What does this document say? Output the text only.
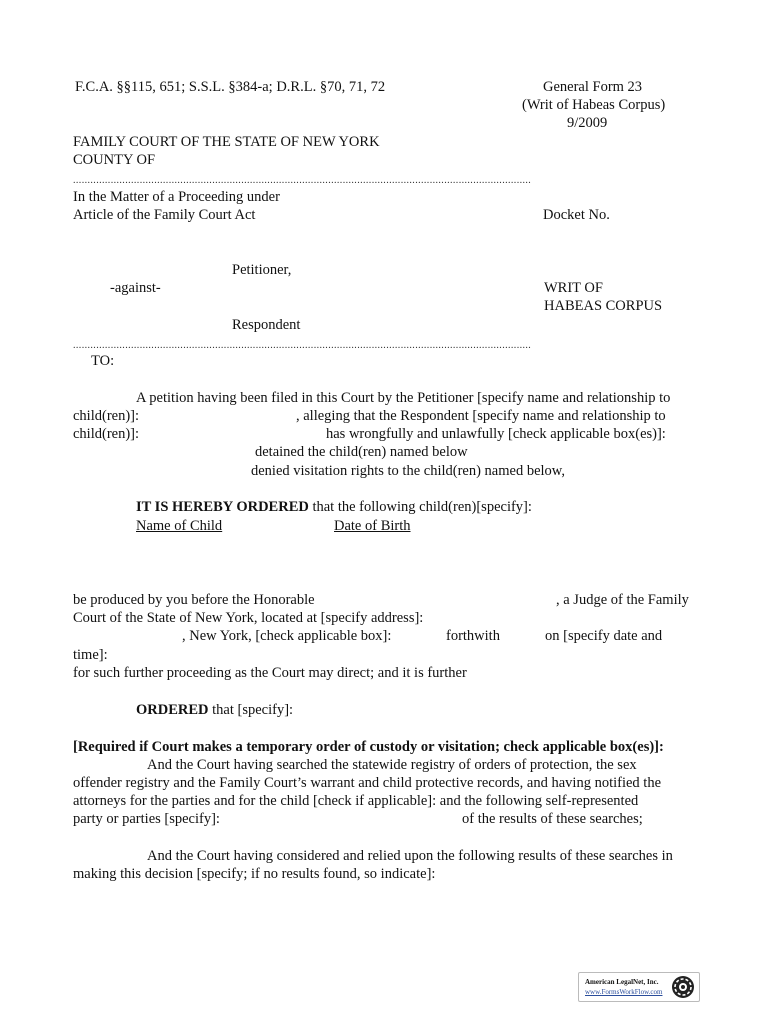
F.C.A. §§115, 651; S.S.L. §384-a; D.R.L. §70, 71, 72	General Form 23
(Writ of Habeas Corpus)
9/2009
FAMILY COURT OF THE STATE OF NEW YORK
COUNTY OF
..............................................................................................................................................................
In the Matter of a Proceeding under
Article of the Family Court Act	Docket No.
Petitioner,
-against-	WRIT OF
HABEAS CORPUS
Respondent
..............................................................................................................................................................
TO:
A petition having been filed in this Court by the Petitioner [specify name and relationship to
child(ren)]:	, alleging that the Respondent [specify name and relationship to
child(ren)]:	has wrongfully and unlawfully [check applicable box(es)]:
detained the child(ren) named below
denied visitation rights to the child(ren) named below,
IT IS HEREBY ORDERED that the following child(ren)[specify]:
Name of Child	Date of Birth
be produced by you before the Honorable	, a Judge of the Family
Court of the State of New York, located at [specify address]:
, New York, [check applicable box]:	forthwith	on [specify date and
time]:
for such further proceeding as the Court may direct; and it is further
ORDERED that [specify]:
[Required if Court makes a temporary order of custody or visitation; check applicable box(es)]:
And the Court having searched the statewide registry of orders of protection, the sex
offender registry and the Family Court’s warrant and child protective records, and having notified the
attorneys for the parties and for the child [check if applicable]: and the following self-represented
party or parties [specify]:	of the results of these searches;
And the Court having considered and relied upon the following results of these searches in
making this decision [specify; if no results found, so indicate]:
American LegalNet, Inc.
www.FormsWorkFlow.com
